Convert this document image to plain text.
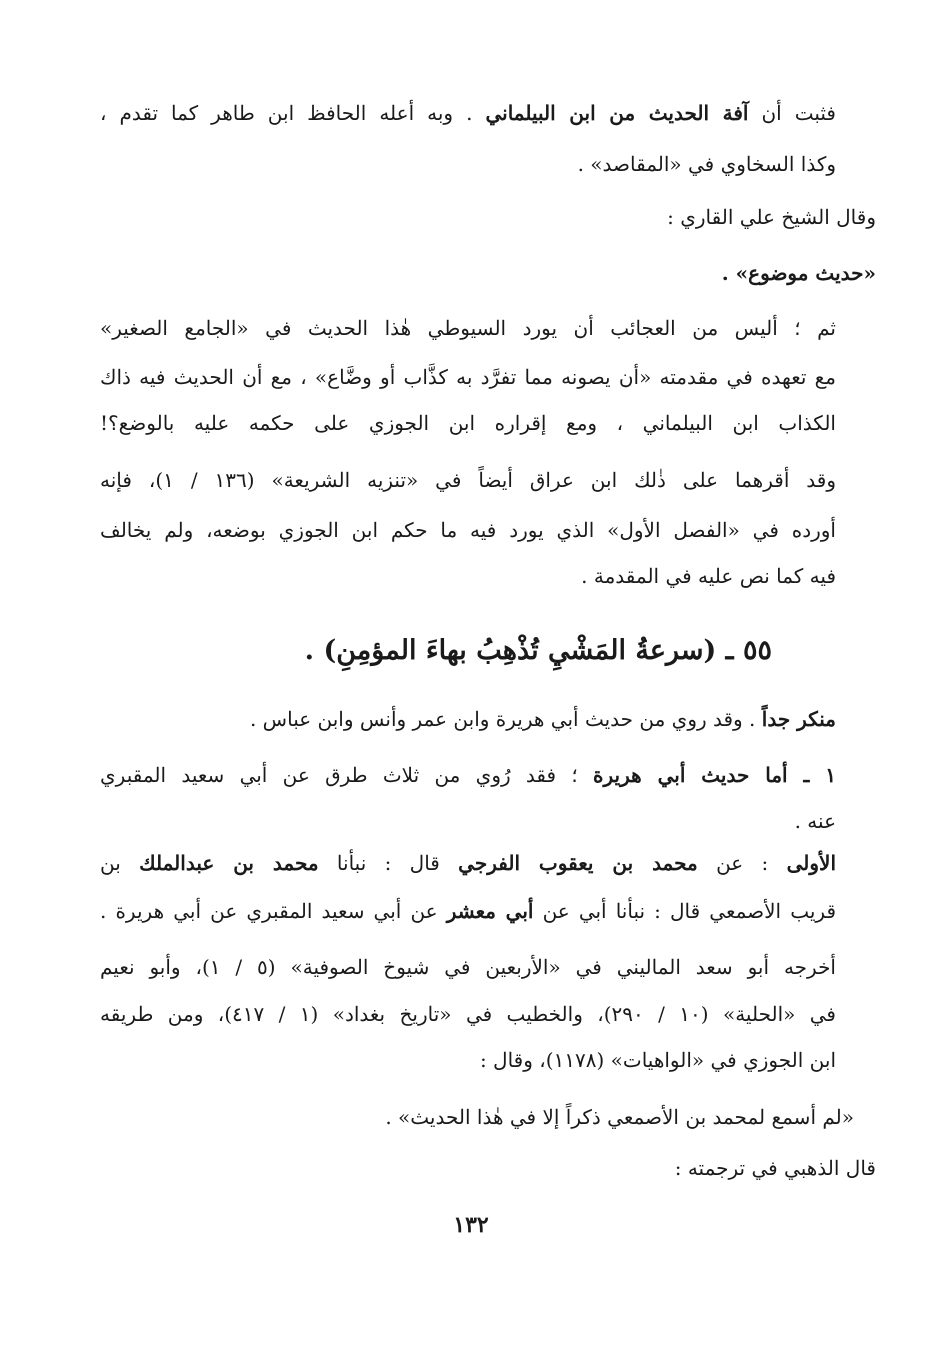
فثبت أن آفة الحديث من ابن البيلماني . وبه أعله الحافظ ابن طاهر كما تقدم ،
وكذا السخاوي في «المقاصد» .
وقال الشيخ علي القاري :
«حديث موضوع» .
ثم ؛ أليس من العجائب أن يورد السيوطي هٰذا الحديث في «الجامع الصغير»
مع تعهده في مقدمته «أن يصونه مما تفرَّد به كذَّاب أو وضَّاع» ، مع أن الحديث فيه ذاك
الكذاب ابن البيلماني ، ومع إقراره ابن الجوزي على حكمه عليه بالوضع؟!
وقد أقرهما على ذٰلك ابن عراق أيضاً في «تنزيه الشريعة» (١٣٦ / ١)، فإنه
أورده في «الفصل الأول» الذي يورد فيه ما حكم ابن الجوزي بوضعه، ولم يخالف
فيه كما نص عليه في المقدمة .
٥٥ ـ (سرعةُ المَشْيِ تُذْهِبُ بهاءَ المؤمِنِ) .
منكر جداً . وقد روي من حديث أبي هريرة وابن عمر وأنس وابن عباس .
١ ـ أما حديث أبي هريرة ؛ فقد رُوي من ثلاث طرق عن أبي سعيد المقبري
عنه .
الأولى : عن محمد بن يعقوب الفرجي قال : نبأنا محمد بن عبدالملك بن
قريب الأصمعي قال : نبأنا أبي عن أبي معشر عن أبي سعيد المقبري عن أبي هريرة .
أخرجه أبو سعد الماليني في «الأربعين في شيوخ الصوفية» (٥ / ١)، وأبو نعيم
في «الحلية» (١٠ / ٢٩٠)، والخطيب في «تاريخ بغداد» (١ / ٤١٧)، ومن طريقه
ابن الجوزي في «الواهيات» (١١٧٨)، وقال :
«لم أسمع لمحمد بن الأصمعي ذكراً إلا في هٰذا الحديث» .
قال الذهبي في ترجمته :
١٣٢
